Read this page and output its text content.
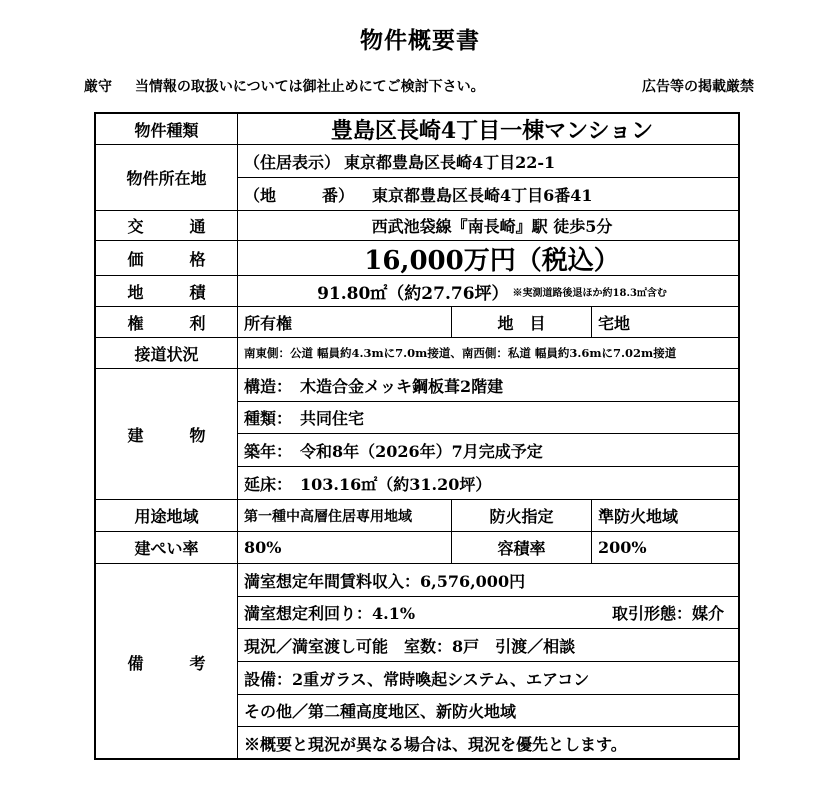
物件概要書
厳守 当情報の取扱いについては御社止めにてご検討下さい。	広告等の掲載厳禁
物件種類	豊島区長崎4丁目一棟マンション
物件所在地
（住居表示） 東京都豊島区長崎4丁目22-1
（地	番） 東京都豊島区長崎4丁目6番41
交	通	西武池袋線『南長崎』駅 徒歩5分
価	格	16,000万円（税込）
地	積	91.80㎡（約27.76坪） ※実測道路後退ほか約18.3㎡含む
権	利	所有権	地　目	宅地
接道状況	南東側：公道 幅員約4.3mに7.0m接道、南西側：私道 幅員約3.6mに7.02m接道
建	物
構造：　木造合金メッキ鋼板葺2階建
種類：　共同住宅
築年：　令和8年（2026年）7月完成予定
延床：　103.16㎡（約31.20坪）
用途地域	第一種中高層住居専用地域	防火指定	準防火地域
建ぺい率	80%	容積率	200%
備	考
満室想定年間賃料収入：6,576,000円
満室想定利回り：4.1%	取引形態：媒介
現況／満室渡し可能　室数：8戸　引渡／相談
設備：2重ガラス、常時喚起システム、エアコン
その他／第二種高度地区、新防火地域
※概要と現況が異なる場合は、現況を優先とします。
